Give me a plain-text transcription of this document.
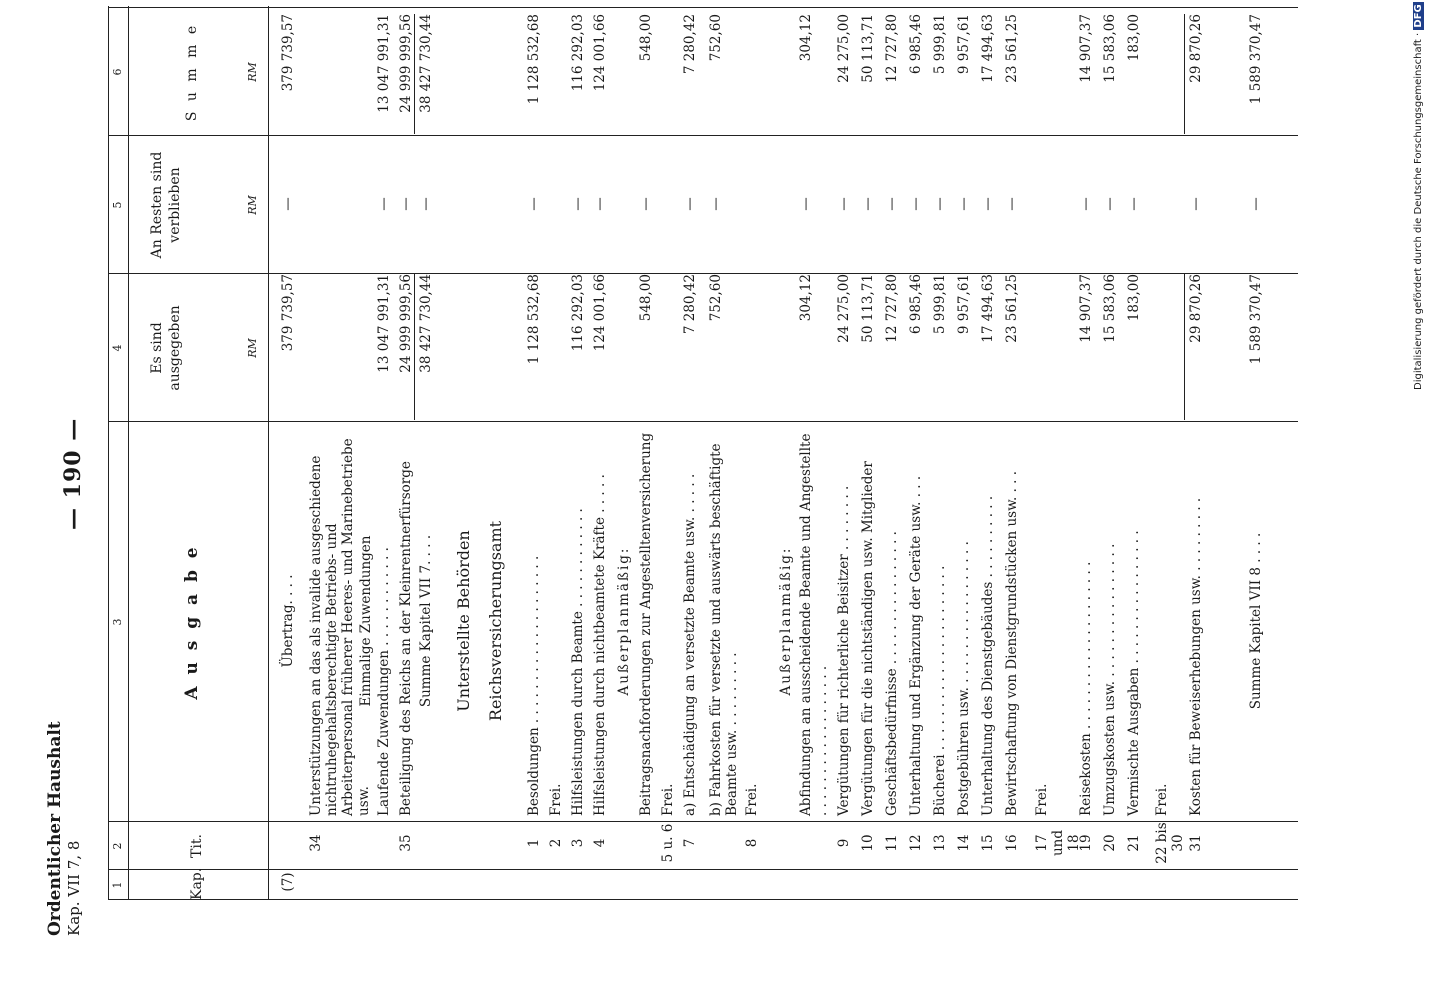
Ordentlicher Haushalt Kap. VII 7, 8
— 190 —
1
2
3
4
5
6
Kap.
Tit.
A u s g a b e
Es sind ausgegeben
An Resten sind verblieben
S u m m e
RM
RM
RM
(7)
Übertrag. . . .
379 739,57
—
379 739,57
34
Unterstützungen an das als invalide ausgeschiedene nichtruhegehaltsberechtigte Betriebs- und Arbeiterpersonal früherer Heeres- und Marinebetriebe usw.
Einmalige Zuwendungen Laufende Zuwendungen . . . . . . . . . . . .
13 047 991,31
—
13 047 991,31
35
Beteiligung des Reichs an der Kleinrentnerfürsorge
24 999 999,56
—
24 999 999,56
Summe Kapitel VII 7. . . .
38 427 730,44
—
38 427 730,44
Unterstellte Behörden Reichsversicherungsamt
1
Besoldungen . . . . . . . . . . . . . . . . . . . .
1 128 532,68
—
1 128 532,68
2
Frei.
3
Hilfsleistungen durch Beamte . . . . . . . . . . . .
116 292,03
—
116 292,03
4
Hilfsleistungen durch nichtbeamtete Kräfte . . . . .
124 001,66
—
124 001,66
Außerplanmäßig: Beitragsnachforderungen zur Angestelltenversicherung
548,00
—
548,00
5 u. 6
Frei.
7
a) Entschädigung an versetzte Beamte usw. . . . . .
7 280,42
—
7 280,42
b) Fahrkosten für versetzte und auswärts beschäftigte Beamte usw. . . . . . . . . .
752,60
—
752,60
8
Frei.
Außerplanmäßig: Abfindungen an ausscheidende Beamte und Angestellte . . . . . . . . . . . . . . . . . .
304,12
—
304,12
9
Vergütungen für richterliche Beisitzer . . . . . . . .
24 275,00
—
24 275,00
10
Vergütungen für die nichtständigen usw. Mitglieder
50 113,71
—
50 113,71
11
Geschäftsbedürfnisse . . . . . . . . . . . . . . . .
12 727,80
—
12 727,80
12
Unterhaltung und Ergänzung der Geräte usw. . . .
6 985,46
—
6 985,46
13
Bücherei . . . . . . . . . . . . . . . . . . . . . .
5 999,81
—
5 999,81
14
Postgebühren usw. . . . . . . . . . . . . . . . . .
9 957,61
—
9 957,61
15
Unterhaltung des Dienstgebäudes . . . . . . . . . .
17 494,63
—
17 494,63
16
Bewirtschaftung von Dienstgrundstücken usw. . . .
23 561,25
—
23 561,25
17 und 18
Frei.
19
Reisekosten . . . . . . . . . . . . . . . . . . . .
14 907,37
—
14 907,37
20
Umzugskosten usw. . . . . . . . . . . . . . . . .
15 583,06
—
15 583,06
21
Vermischte Ausgaben . . . . . . . . . . . . . . . .
183,00
—
183,00
22 bis 30
Frei.
31
Kosten für Beweiserhebungen usw. . . . . . . . . .
29 870,26
—
29 870,26
Summe Kapitel VII 8 . . . .
1 589 370,47
—
1 589 370,47	Digitalisierung gefördert durch die Deutsche Forschungsgemeinschaft · DFG
